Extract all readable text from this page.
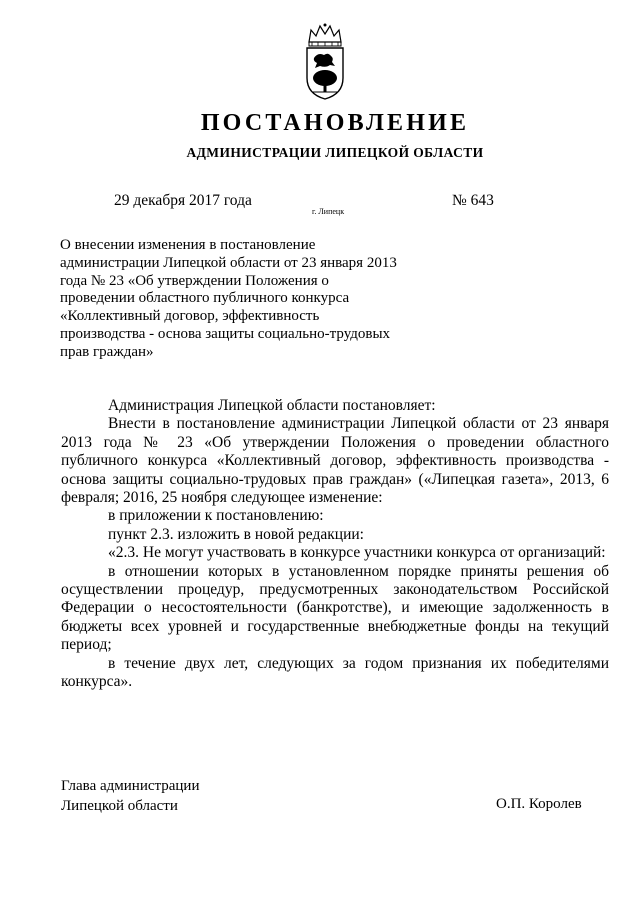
ПОСТАНОВЛЕНИЕ
АДМИНИСТРАЦИИ ЛИПЕЦКОЙ ОБЛАСТИ
29 декабря 2017 года
г. Липецк
№ 643
О внесении изменения в постановление
администрации Липецкой области от 23 января 2013
года № 23 «Об утверждении Положения о
проведении областного публичного конкурса
«Коллективный договор, эффективность
производства - основа защиты социально-трудовых
прав граждан»

Администрация Липецкой области постановляет:

Внести в постановление администрации Липецкой области от 23 января 2013 года № 23 «Об утверждении Положения о проведении областного публичного конкурса «Коллективный договор, эффективность производства - основа защиты социально-трудовых прав граждан» («Липецкая газета», 2013, 6 февраля; 2016, 25 ноября следующее изменение:

в приложении к постановлению:

пункт 2.3. изложить в новой редакции:

«2.3. Не могут участвовать в конкурсе участники конкурса от организаций:

в отношении которых в установленном порядке приняты решения об осуществлении процедур, предусмотренных законодательством Российской Федерации о несостоятельности (банкротстве), и имеющие задолженность в бюджеты всех уровней и государственные внебюджетные фонды на текущий период;

в течение двух лет, следующих за годом признания их победителями конкурса».

Глава администрации
Липецкой области	О.П. Королев
